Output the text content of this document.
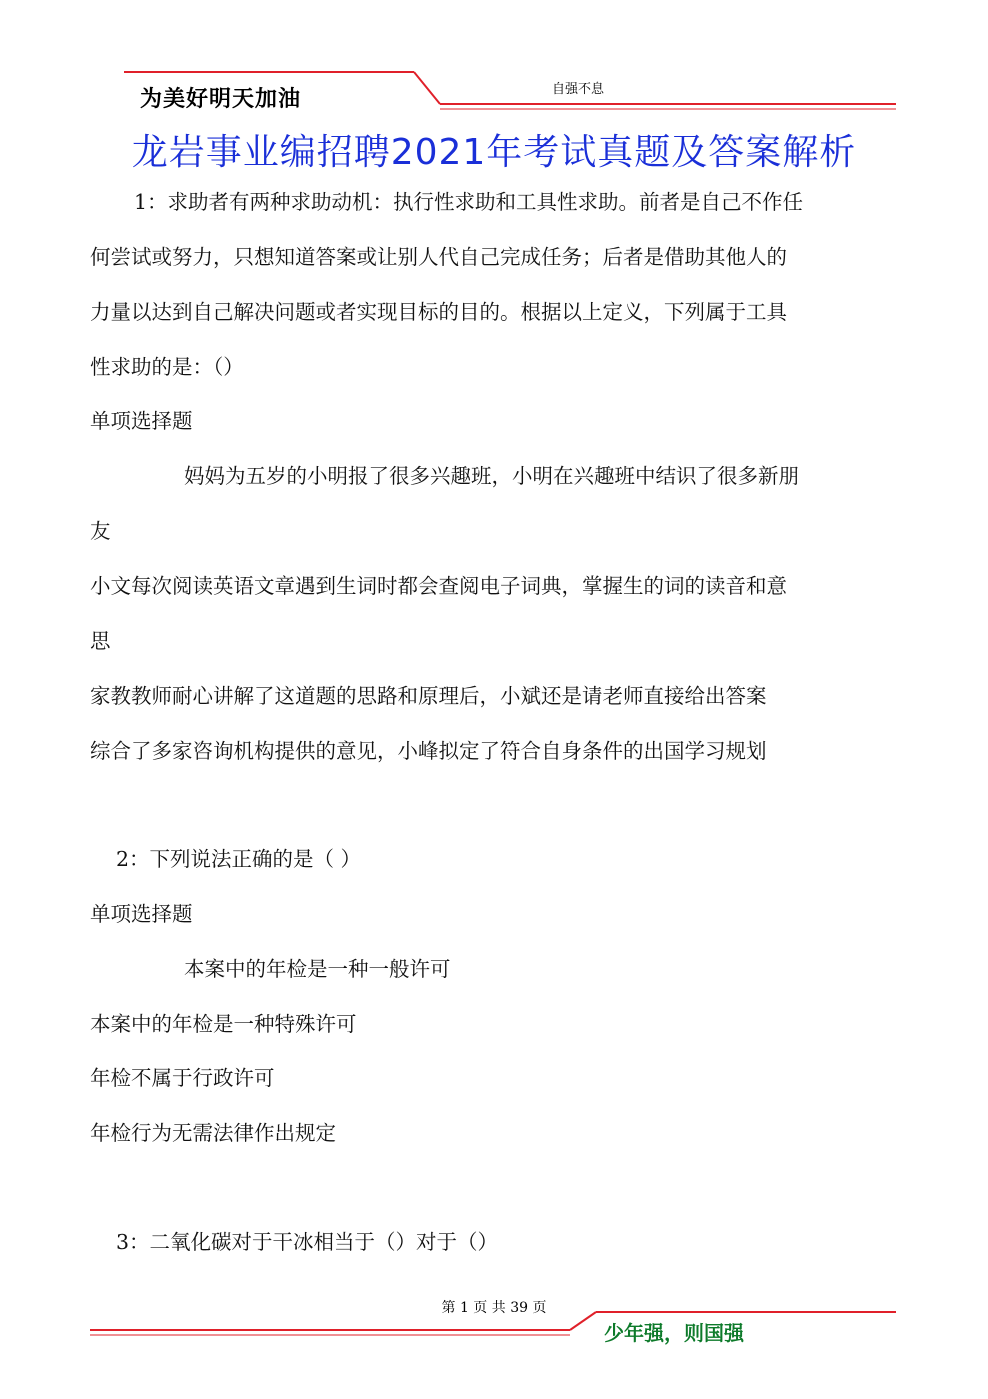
为美好明天加油	自强不息
龙岩事业编招聘2021年考试真题及答案解析
1：求助者有两种求助动机：执行性求助和工具性求助。前者是自己不作任
何尝试或努力，只想知道答案或让别人代自己完成任务；后者是借助其他人的
力量以达到自己解决问题或者实现目标的目的。根据以上定义，下列属于工具
性求助的是：（）
单项选择题
妈妈为五岁的小明报了很多兴趣班，小明在兴趣班中结识了很多新朋
友
小文每次阅读英语文章遇到生词时都会查阅电子词典，掌握生的词的读音和意
思
家教教师耐心讲解了这道题的思路和原理后，小斌还是请老师直接给出答案
综合了多家咨询机构提供的意见，小峰拟定了符合自身条件的出国学习规划
2：下列说法正确的是（ ）
单项选择题
本案中的年检是一种一般许可
本案中的年检是一种特殊许可
年检不属于行政许可
年检行为无需法律作出规定
3：二氧化碳对于干冰相当于（）对于（）
第 1 页 共 39 页
少年强，则国强
